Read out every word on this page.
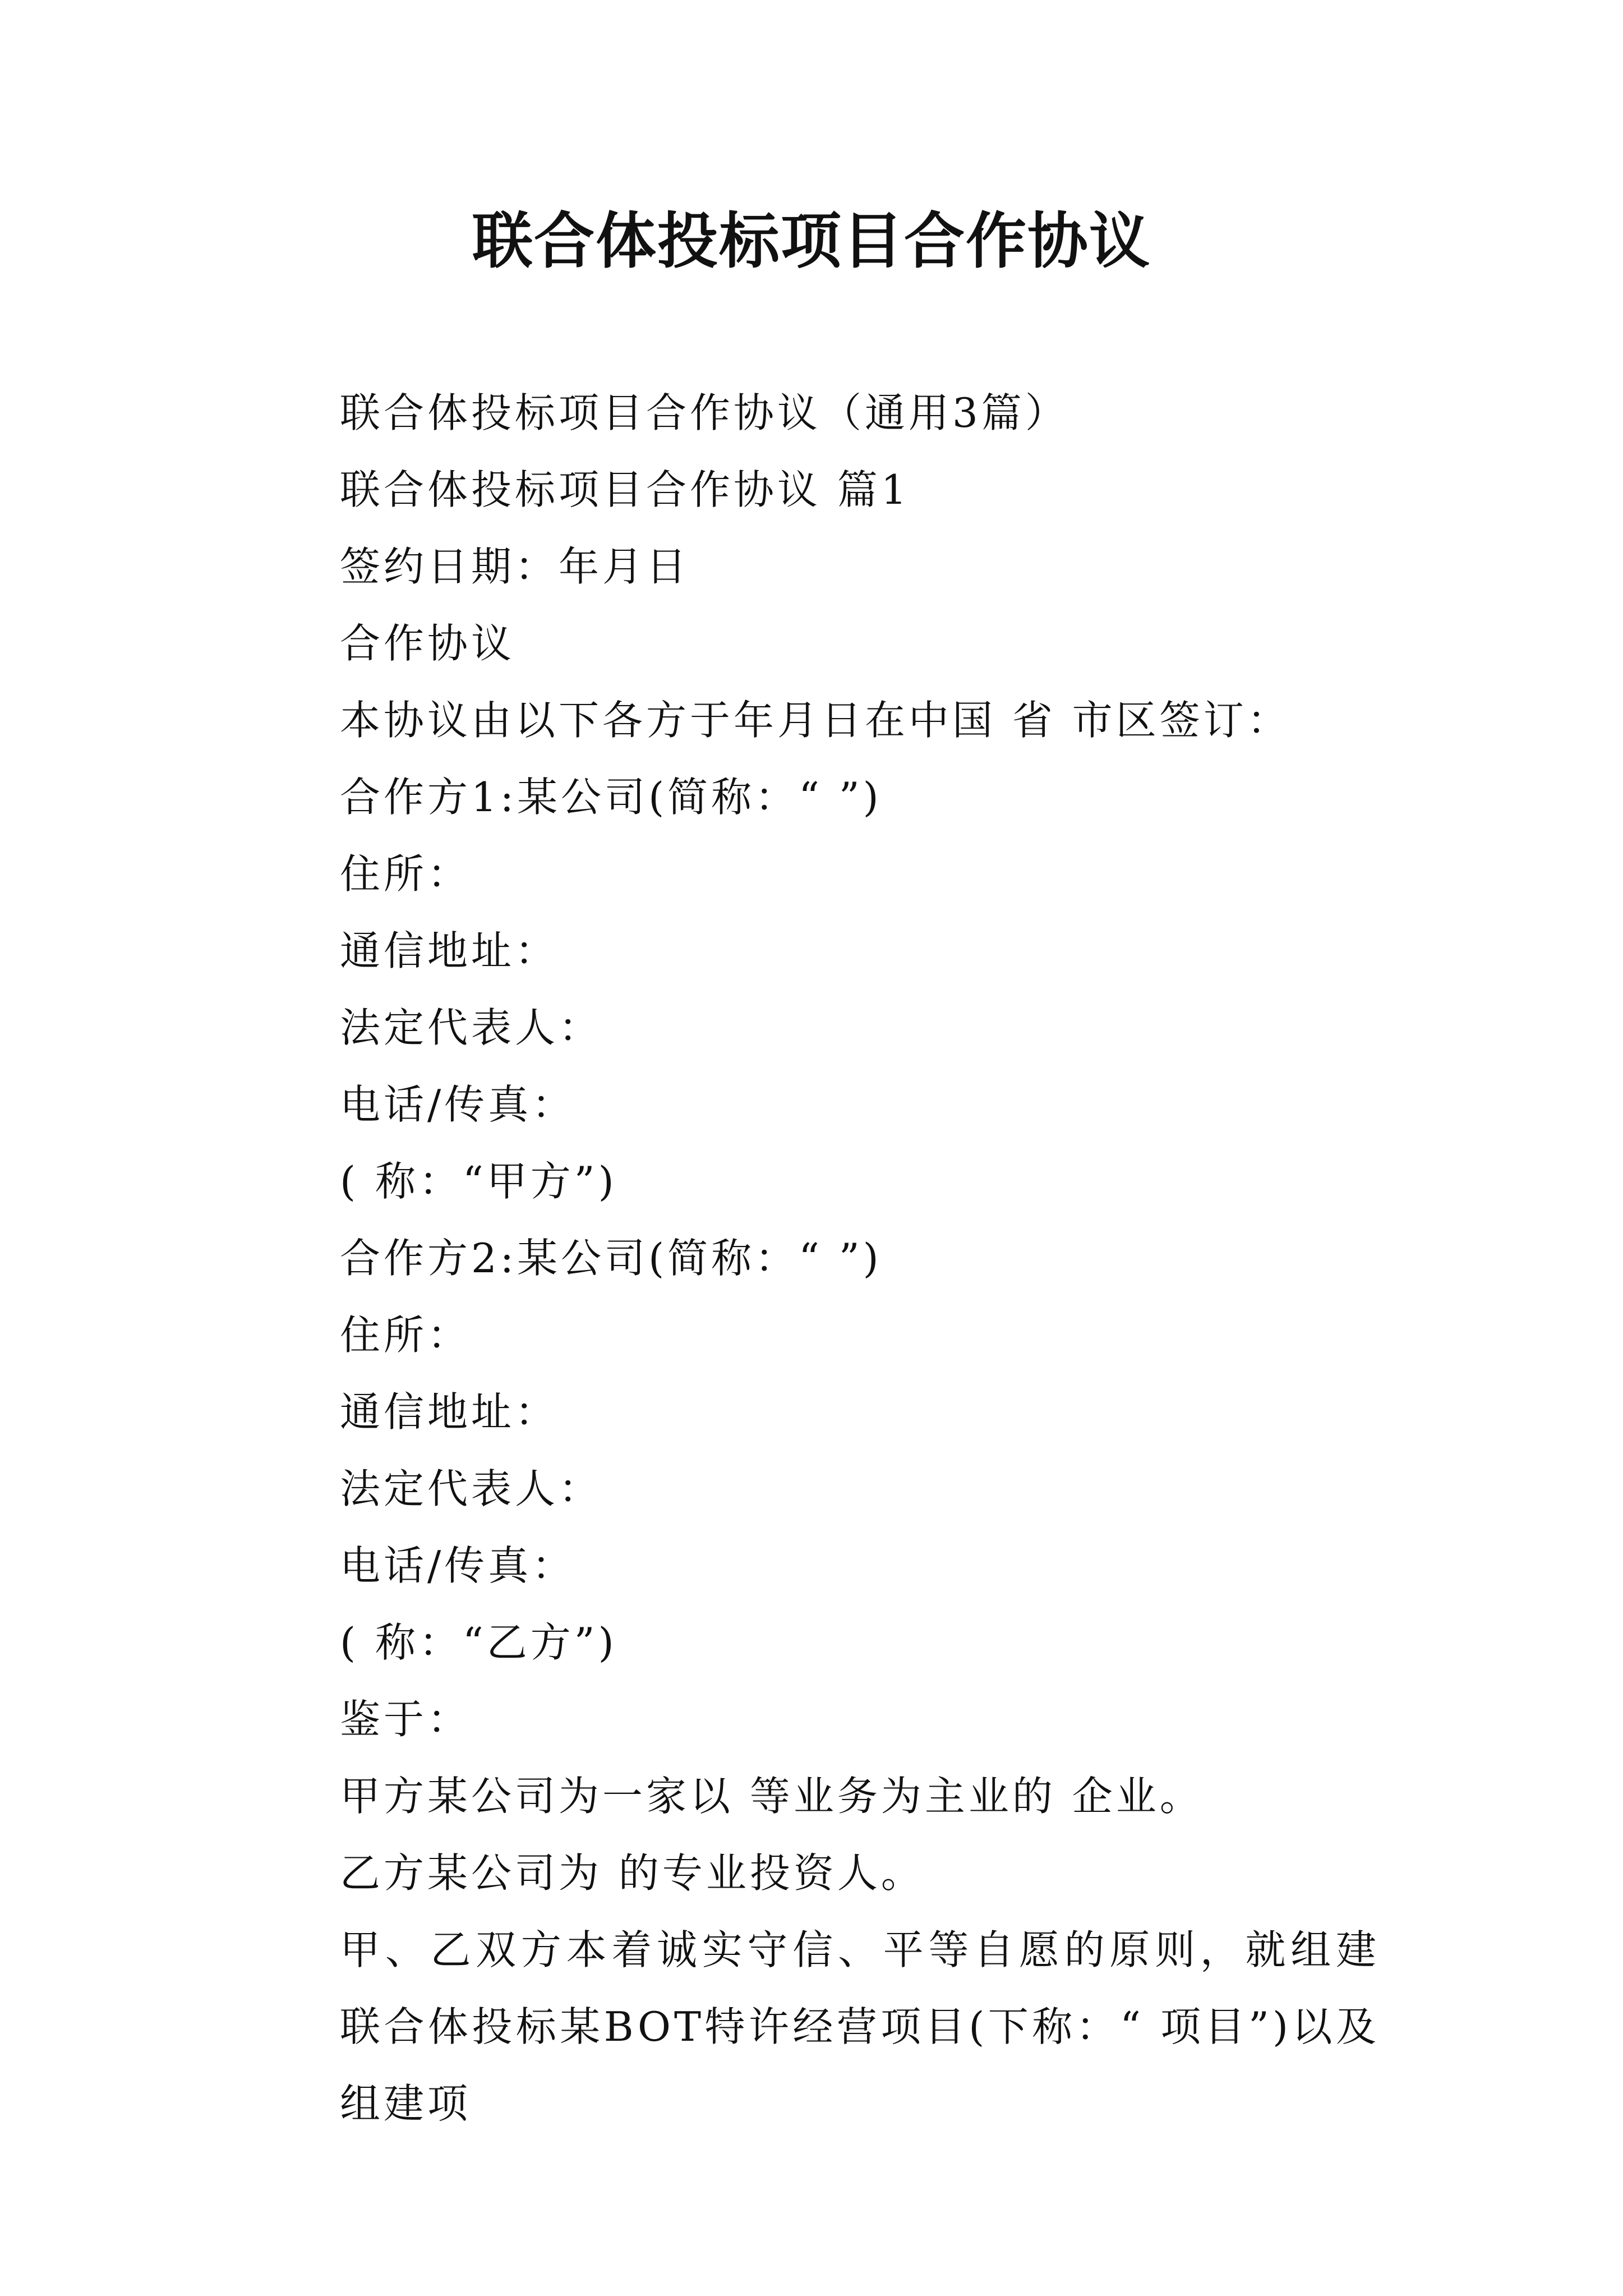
联合体投标项目合作协议
联合体投标项目合作协议（通用3篇）
联合体投标项目合作协议 篇1
签约日期：年月日
合作协议
本协议由以下各方于年月日在中国 省 市区签订：
合作方1:某公司(简称：“ ”)
住所：
通信地址：
法定代表人：
电话/传真：
( 称：“甲方”)
合作方2:某公司(简称：“ ”)
住所：
通信地址：
法定代表人：
电话/传真：
( 称：“乙方”)
鉴于：
甲方某公司为一家以 等业务为主业的 企业。
乙方某公司为 的专业投资人。
甲、乙双方本着诚实守信、平等自愿的原则，就组建联合体投标某BOT特许经营项目(下称：“ 项目”)以及组建项
